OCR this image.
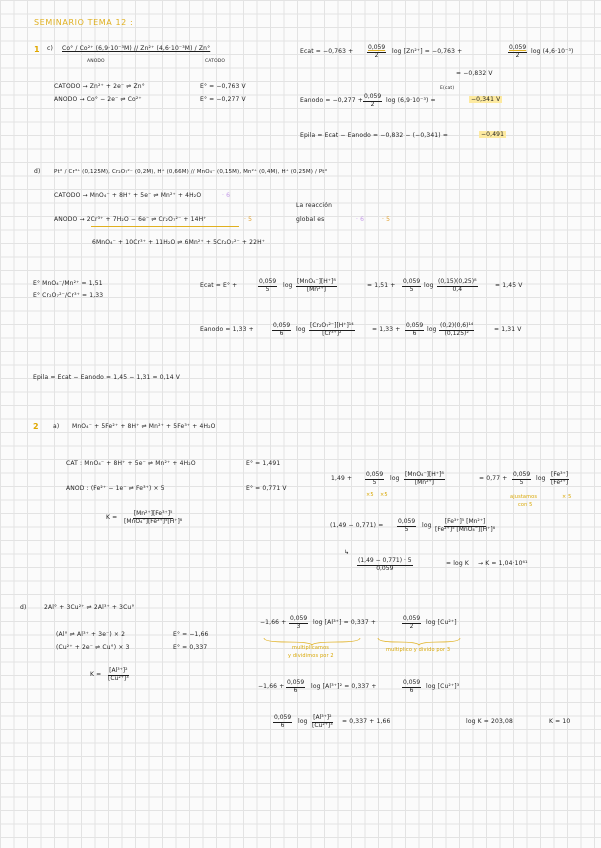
SEMINARIO TEMA 12 :
1 c) Co° / Co²⁺ (6,9·10⁻³M) // Zn²⁺ (4,6·10⁻³M) / Zn°
ANODO	CATODO
CATODO → Zn²⁺ + 2e⁻ ⇌ Zn°
ANODO → Co° − 2e⁻ ⇌ Co²⁺
E° = −0,763 V
E° = −0,277 V
Ecat = $-0,763 + \frac{0,059}{2}$ log [Zn²⁺] = −0,763 +	$\frac{0,059}{2}$ log (4,6·10⁻³)
= −0,832 V
E(cat)
Eanodo = $-0,277 + \frac{0,059}{2}$ log (6,9·10⁻³) =	−0,341 V
Epila = Ecat − Eanodo = −0,832 − (−0,341) =	−0,491
d) Pt° / Cr³⁺ (0,125M), Cr₂O₇²⁻ (0,2M), H⁺ (0,66M) // MnO₄⁻ (0,15M), Mn²⁺ (0,4M), H⁺ (0,25M) / Pt°
CATODO → MnO₄⁻ + 8H⁺ + 5e⁻ ⇌ Mn²⁺ + 4H₂O	· 6
ANODO → 2Cr³⁺ + 7H₂O − 6e⁻ ⇌ Cr₂O₇²⁻ + 14H⁺	· 5
La reacción
global es	· 6	· 5
6MnO₄⁻ + 10Cr³⁺ + 11H₂O ⇌ 6Mn²⁺ + 5Cr₂O₇²⁻ + 22H⁺
E° MnO₄⁻/Mn²⁺ = 1,51
E° Cr₂O₇²⁻/Cr³⁺ = 1,33
Ecat = E° +	$\frac{0,059}{5}$ log
[MnO₄⁻][H⁺]⁸
[Mn²⁺]
= $1,51 + \frac{0,059}{5}$ $\log \frac{\text{(0,15)(0,25)⁸}}{0,4}$	= 1,45 V
Eanodo = 1,33 +	$\frac{0,059}{6}$ $\log \frac{\text{[Cr₂O₇²⁻][H⁺]¹⁴}}{\text{[Cr³⁺]²}}$	= $1,33 + \frac{0,059}{6}$ $\log \frac{\text{(0,2)(0,6)¹⁴}}{\text{(0,125)²}}$	= 1,31 V
Epila = Ecat − Eanodo = 1,45 − 1,31 = 0,14 V
2 a) MnO₄⁻ + 5Fe²⁺ + 8H⁺ ⇌ Mn²⁺ + 5Fe³⁺ + 4H₂O
CAT : MnO₄⁻ + 8H⁺ + 5e⁻ ⇌ Mn²⁺ + 4H₂O	E° = 1,491
ANOD : (Fe²⁺ − 1e⁻ ⇌ Fe³⁺) × 5	E° = 0,771 V
K =
[Mn²⁺][Fe³⁺]⁵
[MnO₄⁻][Fe²⁺]⁵[H⁺]⁸
$1,49 + \frac{0,059}{5}$ log
[MnO₄⁻][H⁺]⁸
[Mn²⁺]
= $0,77 + \frac{0,059}{5}$ $\log \frac{\text{[Fe³⁺]}}{\text{[Fe²⁺]}}$
×5 ×5	ajustamos
con 5
× 5
$(1,49 - 0,771) = \frac{0,059}{5}$ log
[Fe³⁺]⁵ [Mn²⁺]
[Fe²⁺]⁵ [MnO₄⁻][H⁺]⁸
↳
$\frac{(1,49 - 0,771) \cdot 5}{0,059}$	= log K → K = 1,04·10⁶¹
d)	2Al° + 3Cu²⁺ ⇌ 2Al³⁺ + 3Cu°
(Al° ⇌ Al³⁺ + 3e⁻) × 2	E° = −1,66
(Cu²⁺ + 2e⁻ ⇌ Cu°) × 3	E° = 0,337
$K = \frac{\text{[Al³⁺]²}}{\text{[Cu²⁺]³}}$
$-1,66 + \frac{0,059}{3}$ log [Al³⁺] = 0,337 +	$\frac{0,059}{2}$ log [Cu²⁺]
multiplicamos
y dividimos por 2
multiplico y divido por 3
$-1,66 + \frac{0,059}{6}$ log [Al³⁺]² = 0,337 +	$\frac{0,059}{6}$ log [Cu²⁺]³
$\frac{0,059}{6}$ $\log \frac{\text{[Al³⁺]²}}{\text{[Cu²⁺]³}} = 0,337 + 1,66$	log K = 203,08	K = 10
